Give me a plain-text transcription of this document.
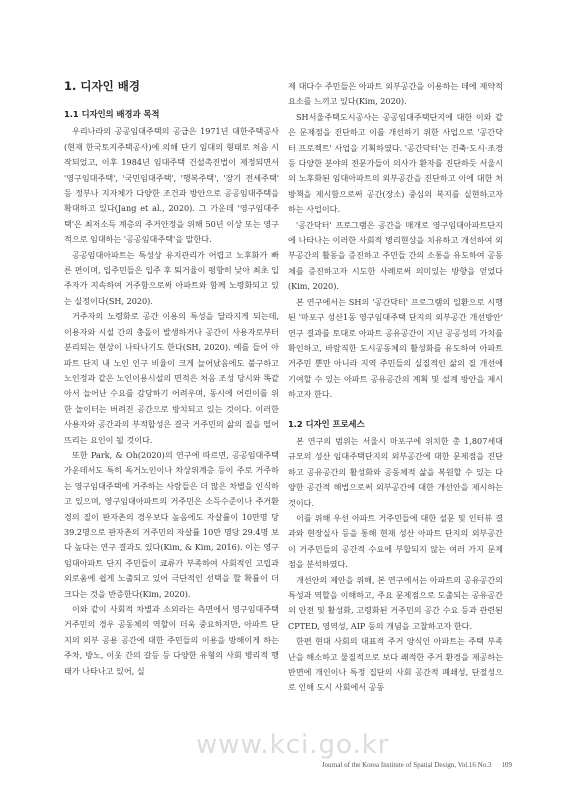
1. 디자인 배경
1.1 디자인의 배경과 목적

우리나라의 공공임대주택의 공급은 1971년 대한주택공사(현재 한국토지주택공사)에 의해 단기 임대의 형태로 처음 시작되었고, 이후 1984년 임대주택 건설촉진법이 제정되면서 '영구임대주택', '국민임대주택', '행복주택', '장기 전세주택' 등 정부나 지자체가 다양한 조건과 방안으로 공공임대주택을 확대하고 있다(Jang et al., 2020). 그 가운데 '영구임대주택'은 최저소득 계층의 주거안정을 위해 50년 이상 또는 영구적으로 임대하는 '공공임대주택'을 말한다.

공공임대아파트는 특성상 유지관리가 어렵고 노후화가 빠른 편이며, 입주민들은 입주 후 퇴거율이 평향히 낮아 최초 입주자가 지속하여 거주함으로써 아파트와 함께 노령화되고 있는 실정이다(SH, 2020).

거주자의 노령화로 공간 이용의 특성을 달라지게 되는데, 이용자와 시설 간의 충돌이 발생하거나 공간이 사용자로부터 분리되는 현상이 나타나기도 한다(SH, 2020). 예를 들어 아파트 단지 내 노인 인구 비율이 크게 늘어났음에도 불구하고 노인정과 같은 노인이용시설의 면적은 처음 조성 당시와 똑같아서 늘어난 수요를 감당하기 어려우며, 동시에 어린이를 위한 놀이터는 버려진 공간으로 방치되고 있는 것이다. 이러한 사용자와 공간과의 부적합성은 결국 거주민의 삶의 질을 떨어뜨리는 요인이 될 것이다.

또한 Park, & Oh(2020)의 연구에 따르면, 공공임대주택 가운데서도 특히 독거노인이나 차상위계층 등이 주로 거주하는 영구임대주택에 거주하는 사람들은 더 많은 차별을 인식하고 있으며, 영구임대아파트의 거주민은 소득수준이나 주거환경의 질이 판자촌의 경우보다 높음에도 자살률이 10만명 당 39.2명으로 판자촌의 거주민의 자살률 10만 명당 29.4명 보다 높다는 연구 결과도 있다(Kim, & Kim, 2016). 이는 영구임대아파트 단지 주민들이 쿄류가 부족하여 사회적인 고립과 외로움에 쉽게 노출되고 있어 극단적인 선택을 할 확률이 더 크다는 것을 반증한다(Kim, 2020).

이와 같이 사회적 차별과 소외라는 측면에서 영구임대주택 거주민의 경우 공동체의 역할이 더욱 중요하지만, 아파트 단지의 외부 공용 공간에 대한 주민들의 이용을 방해이게 하는 주차, 방노, 이웃 간의 갈등 등 다양한 유형의 사회 병리적 행태가 나타나고 있어, 실

제 대다수 주민들은 아파트 외부공간을 이용하는 데에 제약적 요소를 느끼고 있다(Kim, 2020).

SH서울주택도시공사는 공공임대주택단지에 대한 이와 같은 문제점을 진단하고 이를 개선하기 위한 사업으로 '공간닥터 프로젝트' 사업을 기획하였다. '공간닥터'는 건축·도시·조경 등 다양한 분야의 전문가들이 의사가 환자를 진단하듯 서울시의 노후화된 임대아파트의 외부공간을 진단하고 이에 대한 처방책을 제시함으로써 공간(장소) 중심의 복지를 실현하고자 하는 사업이다.

'공간닥터' 프로그램은 공간을 매개로 영구임대아파트단지에 나타나는 이러한 사회적 병리현상을 치유하고 개선하여 외부공간의 활동을 증진하고 주민들 간의 소통을 유도하여 공동체를 증진하고자 시도한 사례로써 의미있는 방향을 얻었다(Kim, 2020).

본 연구에서는 SH의 '공간닥터' 프로그램의 일환으로 시행된 '마포구 성산1동 영구임대주택 단지의 외부공간 개선방안' 연구 결과를 토대로 아파트 공유공간이 지닌 공공성의 가치를 확인하고, 바람직한 도시공동체의 활성화를 유도하여 아파트 거주민 뿐만 아니라 지역 주민들의 실질적인 삶의 질 개선에 기여할 수 있는 아파트 공유공간의 계획 및 설계 방안을 제시하고자 한다.

1.2 디자인 프로세스

본 연구의 범위는 서울시 마포구에 위치한 총 1,807세대 규모의 성산 임대주택단지의 외부공간에 대한 문제점을 진단하고 공유공간의 활성화와 공동체적 삶을 복원할 수 있는 다양한 공간적 해법으로써 외부공간에 대한 개선안을 제시하는 것이다.

이를 위해 우선 아파트 거주민들에 대한 설문 및 인터뷰 결과와 현장실사 등을 통해 현재 성산 아파트 단지의 외부공간이 거주민들의 공간적 수요에 부합되지 않는 여러 가지 문제점을 분석하였다.

개선안의 제안을 위해, 본 연구에서는 아파트의 공유공간의 특성과 역할을 이해하고, 주요 문제점으로 도출되는 공유공간의 안전 및 활성화, 고령화된 거주민의 공간 수요 등과 관련된 CPTED, 영역성, AIP 등의 개념을 고찰하고자 한다.

한편 현대 사회의 대표적 주거 양식인 아파트는 주택 부족난을 해소하고 물질적으로 보다 쾌적한 주거 환경을 제공하는 반면에 개인이나 특정 집단의 사회 공간적 폐쇄성, 단절성으로 인해 도시 사회에서 공동

www.kci.go.kr
Journal of the Korea Institute of Spatial Design, Vol.16 No.3 109
